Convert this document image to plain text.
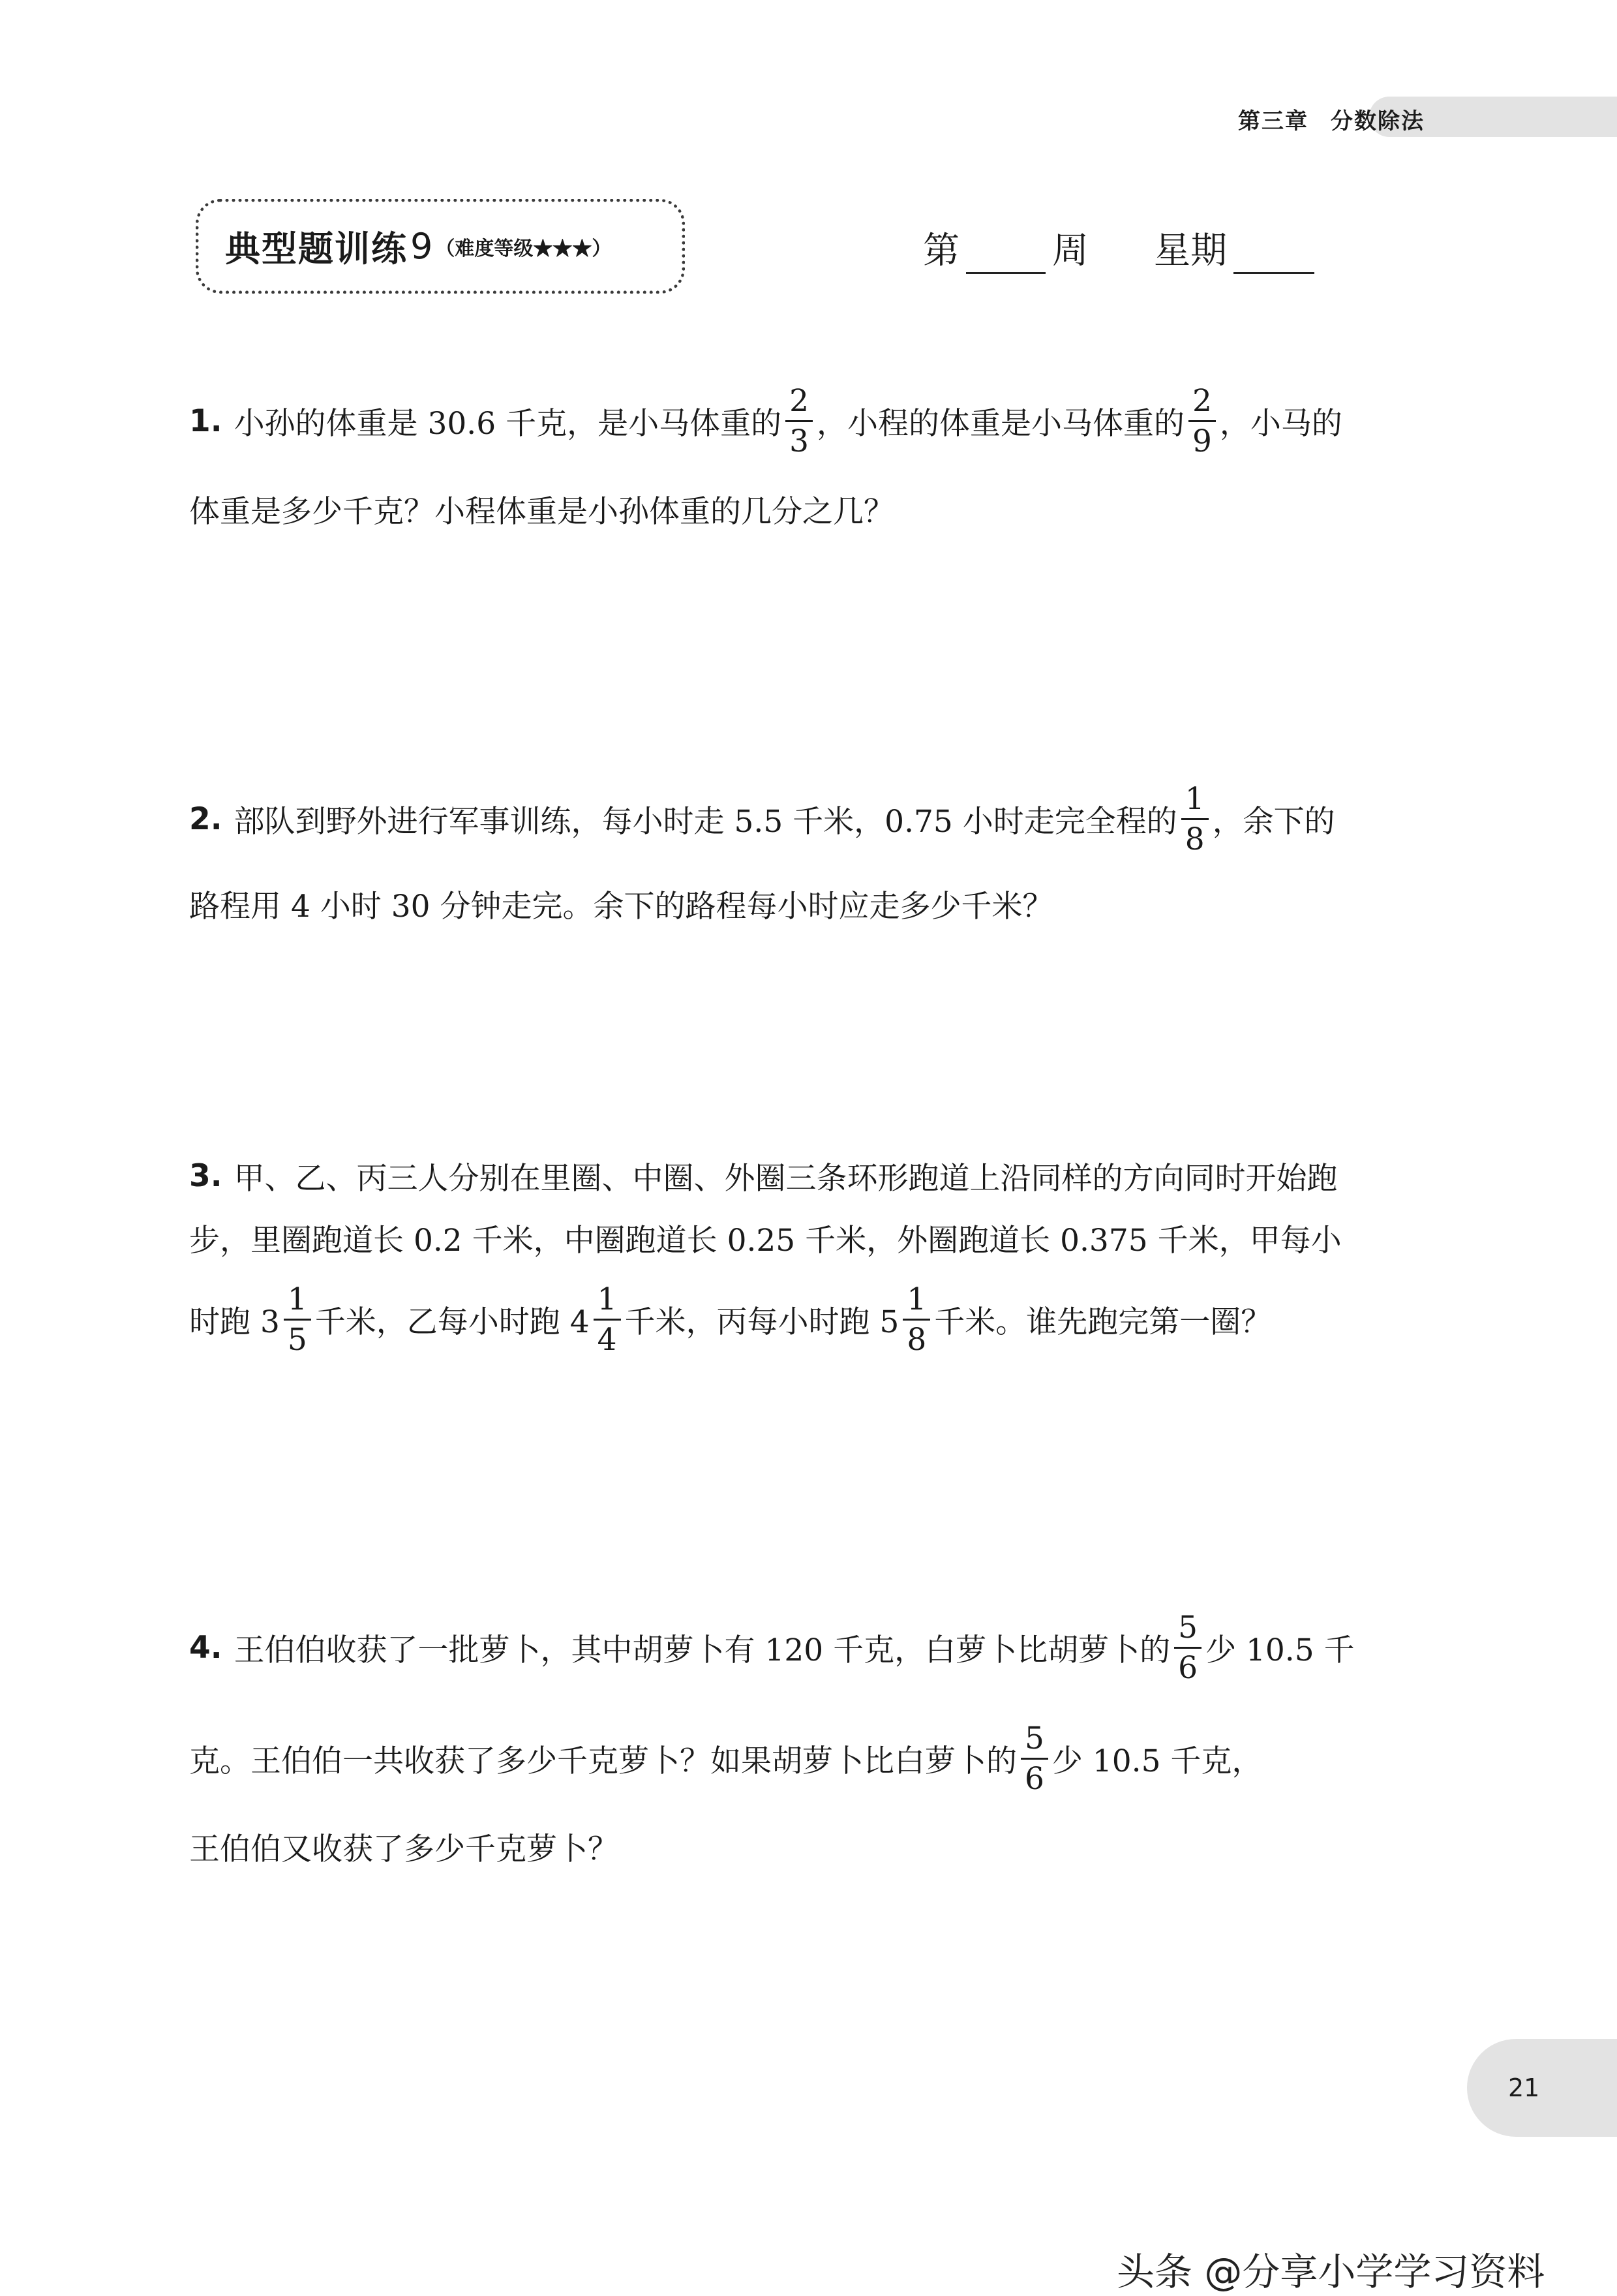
第三章 分数除法
典型题训练 9 （难度等级★★★）	第	周 星期
1. 小孙的体重是 30.6 千克，是小马体重的 $\frac{2}{3}$ ，小程的体重是小马体重的 $\frac{2}{9}$ ，小马的
体重是多少千克？小程体重是小孙体重的几分之几？
2. 部队到野外进行军事训练，每小时走 5.5 千米，0.75 小时走完全程的 $\frac{1}{8}$ ，余下的
路程用 4 小时 30 分钟走完。余下的路程每小时应走多少千米？
3. 甲、乙、丙三人分别在里圈、中圈、外圈三条环形跑道上沿同样的方向同时开始跑
步，里圈跑道长 0.2 千米，中圈跑道长 0.25 千米，外圈跑道长 0.375 千米，甲每小
时跑 $3 \frac{1}{5}$ 千米，乙每小时跑 $4 \frac{1}{4}$ 千米，丙每小时跑 $5 \frac{1}{8}$ 千米。谁先跑完第一圈？
4. 王伯伯收获了一批萝卜，其中胡萝卜有 120 千克，白萝卜比胡萝卜的 $\frac{5}{6}$ 少 10.5 千
克。王伯伯一共收获了多少千克萝卜？如果胡萝卜比白萝卜的 $\frac{5}{6}$ 少 10.5 千克，
王伯伯又收获了多少千克萝卜？
21
头条 @分享小学学习资料
